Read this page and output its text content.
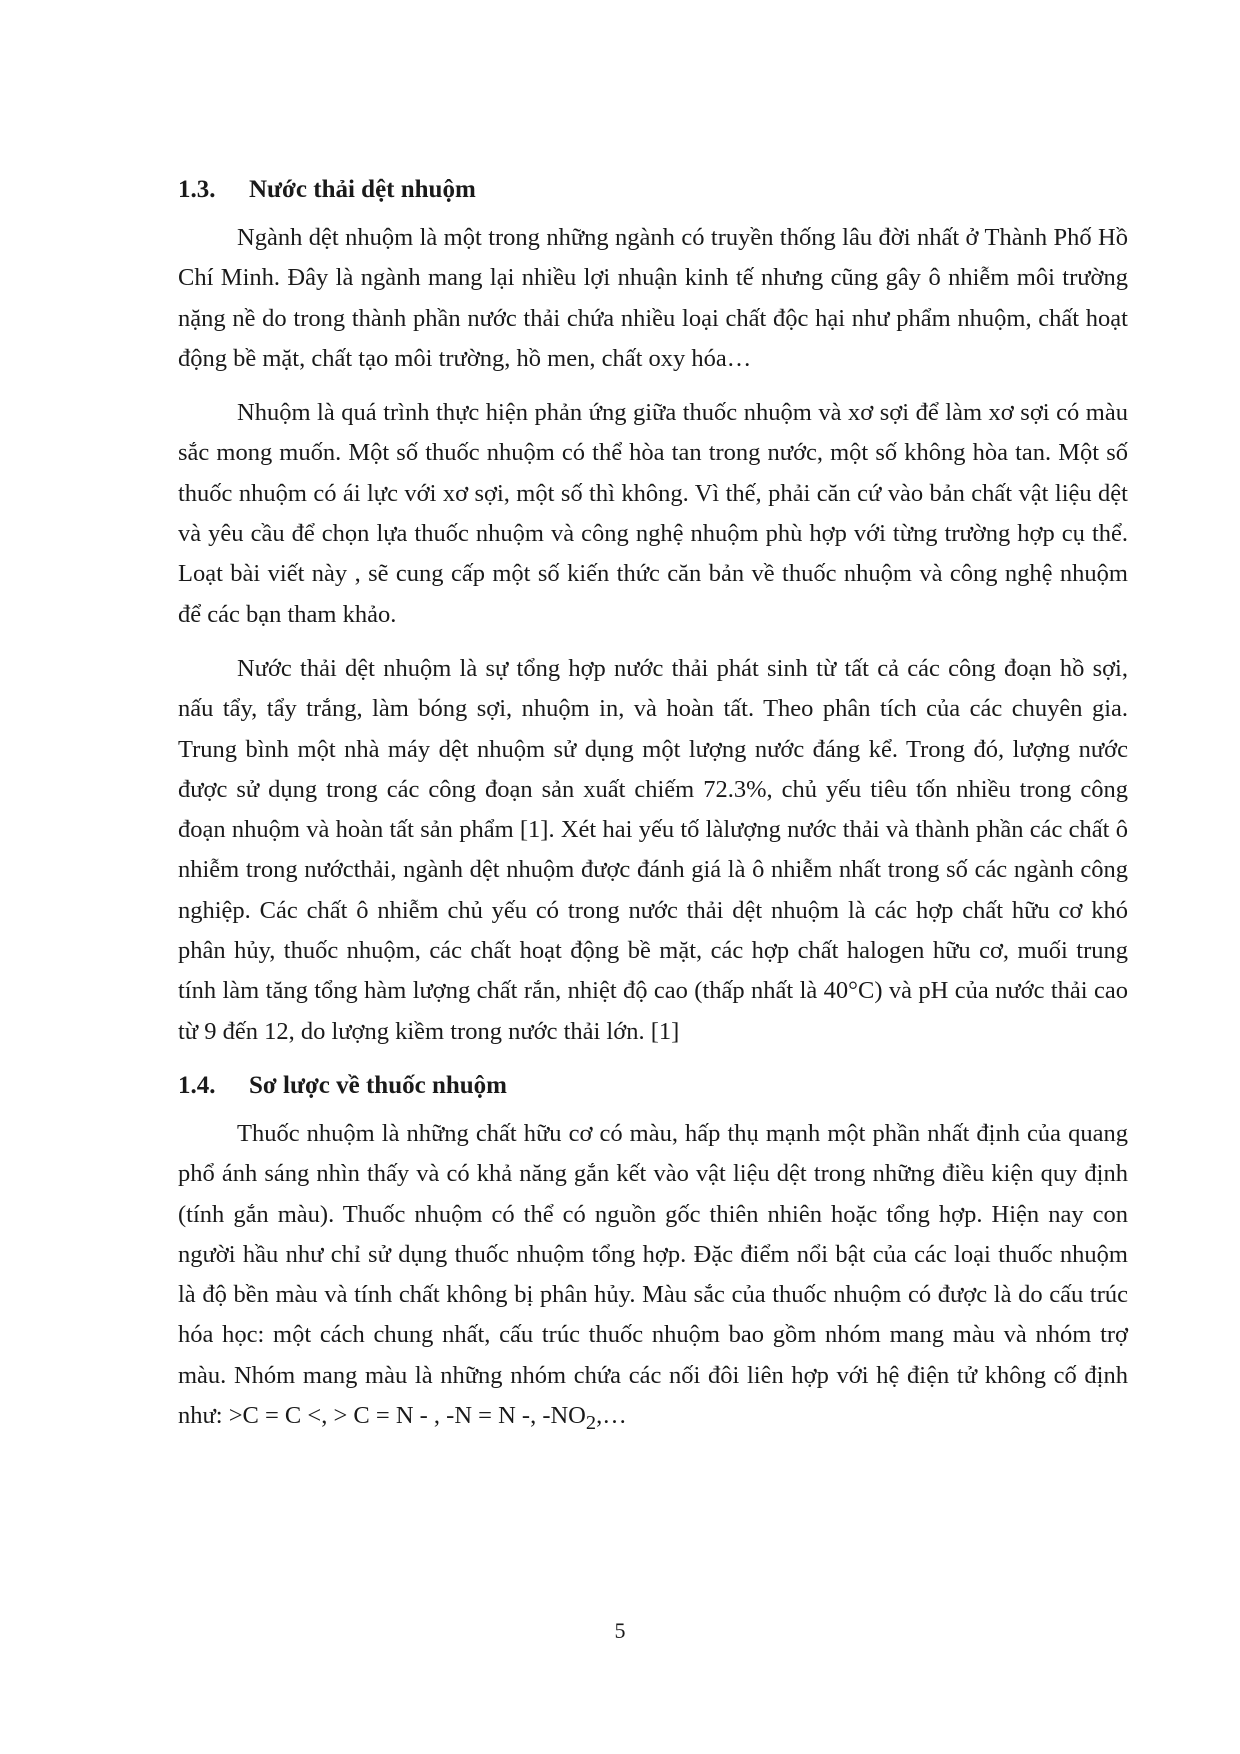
1.3.	Nước thải dệt nhuộm

Ngành dệt nhuộm là một trong những ngành có truyền thống lâu đời nhất ở Thành Phố Hồ Chí Minh. Đây là ngành mang lại nhiều lợi nhuận kinh tế nhưng cũng gây ô nhiễm môi trường nặng nề do trong thành phần nước thải chứa nhiều loại chất độc hại như phẩm nhuộm, chất hoạt động bề mặt, chất tạo môi trường, hồ men, chất oxy hóa…

Nhuộm là quá trình thực hiện phản ứng giữa thuốc nhuộm và xơ sợi để làm xơ sợi có màu sắc mong muốn. Một số thuốc nhuộm có thể hòa tan trong nước, một số không hòa tan. Một số thuốc nhuộm có ái lực với xơ sợi, một số thì không. Vì thế, phải căn cứ vào bản chất vật liệu dệt và yêu cầu để chọn lựa thuốc nhuộm và công nghệ nhuộm phù hợp với từng trường hợp cụ thể. Loạt bài viết này , sẽ cung cấp một số kiến thức căn bản về thuốc nhuộm và công nghệ nhuộm để các bạn tham khảo.

Nước thải dệt nhuộm là sự tổng hợp nước thải phát sinh từ tất cả các công đoạn hồ sợi, nấu tẩy, tẩy trắng, làm bóng sợi, nhuộm in, và hoàn tất. Theo phân tích của các chuyên gia. Trung bình một nhà máy dệt nhuộm sử dụng một lượng nước đáng kể. Trong đó, lượng nước được sử dụng trong các công đoạn sản xuất chiếm 72.3%, chủ yếu tiêu tốn nhiều trong công đoạn nhuộm và hoàn tất sản phẩm [1]. Xét hai yếu tố làlượng nước thải và thành phần các chất ô nhiễm trong nướcthải, ngành dệt nhuộm được đánh giá là ô nhiễm nhất trong số các ngành công nghiệp. Các chất ô nhiễm chủ yếu có trong nước thải dệt nhuộm là các hợp chất hữu cơ khó phân hủy, thuốc nhuộm, các chất hoạt động bề mặt, các hợp chất halogen hữu cơ, muối trung tính làm tăng tổng hàm lượng chất rắn, nhiệt độ cao (thấp nhất là 40°C) và pH của nước thải cao từ 9 đến 12, do lượng kiềm trong nước thải lớn. [1]

1.4.	Sơ lược về thuốc nhuộm

Thuốc nhuộm là những chất hữu cơ có màu, hấp thụ mạnh một phần nhất định của quang phổ ánh sáng nhìn thấy và có khả năng gắn kết vào vật liệu dệt trong những điều kiện quy định (tính gắn màu). Thuốc nhuộm có thể có nguồn gốc thiên nhiên hoặc tổng hợp. Hiện nay con người hầu như chỉ sử dụng thuốc nhuộm tổng hợp. Đặc điểm nổi bật của các loại thuốc nhuộm là độ bền màu và tính chất không bị phân hủy. Màu sắc của thuốc nhuộm có được là do cấu trúc hóa học: một cách chung nhất, cấu trúc thuốc nhuộm bao gồm nhóm mang màu và nhóm trợ màu. Nhóm mang màu là những nhóm chứa các nối đôi liên hợp với hệ điện tử không cố định như: >C = C <, > C = N - , -N = N -, $-NO_2,\dots$

5
